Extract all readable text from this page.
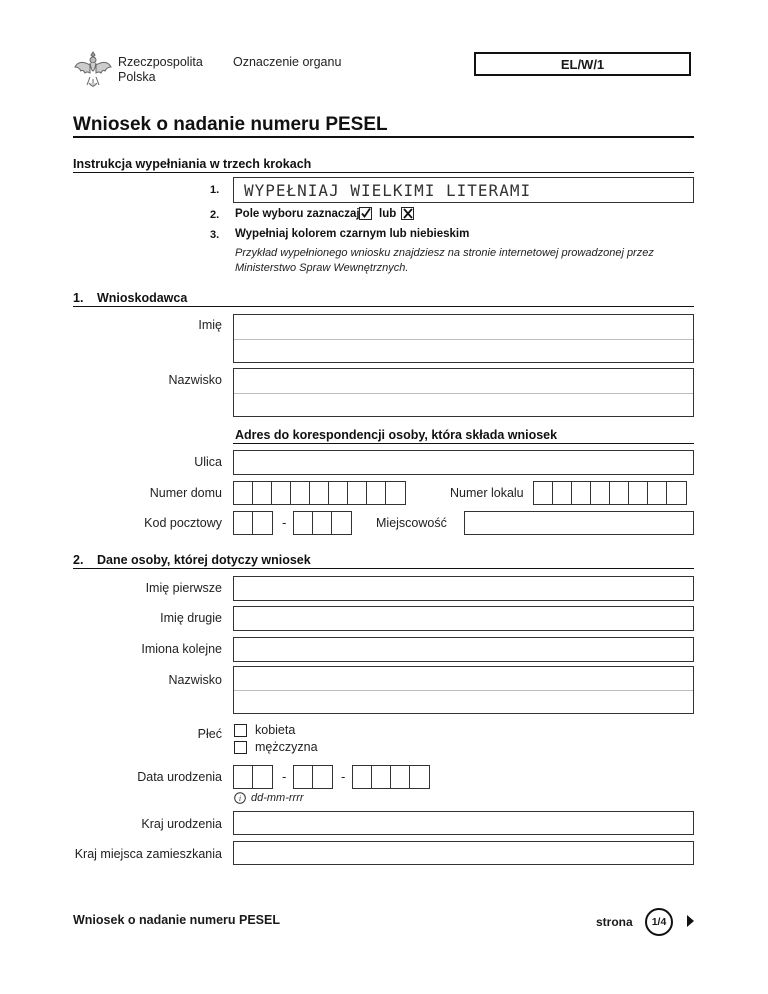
Rzeczpospolita
Polska
Oznaczenie organu	EL/W/1
Wniosek o nadanie numeru PESEL
Instrukcja wypełniania w trzech krokach
1.	WYPEŁNIAJ WIELKIMI LITERAMI
2. Pole wyboru zaznaczaj lub
3. Wypełniaj kolorem czarnym lub niebieskim
Przykład wypełnionego wniosku znajdziesz na stronie internetowej prowadzonej przez Ministerstwo Spraw Wewnętrznych.
1. Wnioskodawca
Imię
Nazwisko
Adres do korespondencji osoby, która składa wniosek
Ulica
Numer domu	Numer lokalu
Kod pocztowy	-	Miejscowość
2. Dane osoby, której dotyczy wniosek
Imię pierwsze
Imię drugie
Imiona kolejne
Nazwisko
Płeć	kobieta
mężczyzna
Data urodzenia	-	-
i dd-mm-rrrr
Kraj urodzenia
Kraj miejsca zamieszkania
Wniosek o nadanie numeru PESEL	strona	1/4
